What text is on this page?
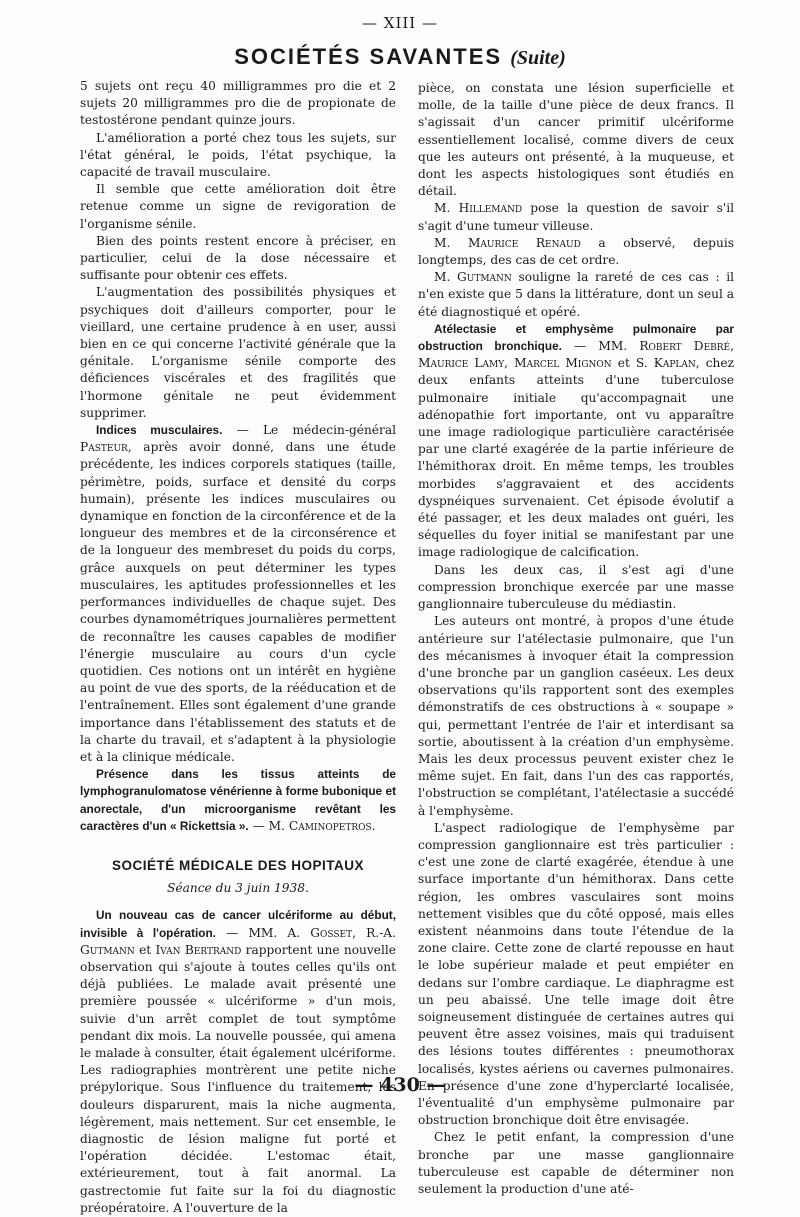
— XIII —
SOCIÉTÉS SAVANTES (Suite)

5 sujets ont reçu 40 milligrammes pro die et 2 sujets 20 milligrammes pro die de propionate de testostérone pendant quinze jours.

L'amélioration a porté chez tous les sujets, sur l'état général, le poids, l'état psychique, la capacité de travail musculaire.

Il semble que cette amélioration doit être retenue comme un signe de revigoration de l'organisme sénile.

Bien des points restent encore à préciser, en particulier, celui de la dose nécessaire et suffisante pour obtenir ces effets.

L'augmentation des possibilités physiques et psychiques doit d'ailleurs comporter, pour le vieillard, une certaine prudence à en user, aussi bien en ce qui concerne l'activité générale que la génitale. L'organisme sénile comporte des déficiences viscérales et des fragilités que l'hormone génitale ne peut évidemment supprimer.

Indices musculaires. — Le médecin-général Pasteur, après avoir donné, dans une étude précédente, les indices corporels statiques (taille, périmètre, poids, surface et densité du corps humain), présente les indices musculaires ou dynamique en fonction de la circonférence et de la longueur des membres et de la circonsérence et de la longueur des membreset du poids du corps, grâce auxquels on peut déterminer les types musculaires, les aptitudes professionnelles et les performances individuelles de chaque sujet. Des courbes dynamométriques journalières permettent de reconnaître les causes capables de modifier l'énergie musculaire au cours d'un cycle quotidien. Ces notions ont un intérêt en hygiène au point de vue des sports, de la rééducation et de l'entraînement. Elles sont également d'une grande importance dans l'établissement des statuts et de la charte du travail, et s'adaptent à la physiologie et à la clinique médicale.

Présence dans les tissus atteints de lymphogranulomatose vénérienne à forme bubonique et anorectale, d'un microorganisme revêtant les caractères d'un « Rickettsia ». — M. Caminopetros.

SOCIÉTÉ MÉDICALE DES HOPITAUX
Séance du 3 juin 1938.

Un nouveau cas de cancer ulcériforme au début, invisible à l'opération. — MM. A. Gosset, R.-A. Gutmann et Ivan Bertrand rapportent une nouvelle observation qui s'ajoute à toutes celles qu'ils ont déjà publiées. Le malade avait présenté une première poussée « ulcériforme » d'un mois, suivie d'un arrêt complet de tout symptôme pendant dix mois. La nouvelle poussée, qui amena le malade à consulter, était également ulcériforme. Les radiographies montrèrent une petite niche prépylorique. Sous l'influence du traitement, les douleurs disparurent, mais la niche augmenta, légèrement, mais nettement. Sur cet ensemble, le diagnostic de lésion maligne fut porté et l'opération décidée. L'estomac était, extérieurement, tout à fait anormal. La gastrectomie fut faite sur la foi du diagnostic préopératoire. A l'ouverture de la

pièce, on constata une lésion superficielle et molle, de la taille d'une pièce de deux francs. Il s'agissait d'un cancer primitif ulcériforme essentiellement localisé, comme divers de ceux que les auteurs ont présenté, à la muqueuse, et dont les aspects histologiques sont étudiés en détail.

M. Hillemand pose la question de savoir s'il s'agit d'une tumeur villeuse.

M. Maurice Renaud a observé, depuis longtemps, des cas de cet ordre.

M. Gutmann souligne la rareté de ces cas : il n'en existe que 5 dans la littérature, dont un seul a été diagnostiqué et opéré.

Atélectasie et emphysème pulmonaire par obstruction bronchique. — MM. Robert Debré, Maurice Lamy, Marcel Mignon et S. Kaplan, chez deux enfants atteints d'une tuberculose pulmonaire initiale qu'accompagnait une adénopathie fort importante, ont vu apparaître une image radiologique particulière caractérisée par une clarté exagérée de la partie inférieure de l'hémithorax droit. En même temps, les troubles morbides s'aggravaient et des accidents dyspnéiques survenaient. Cet épisode évolutif a été passager, et les deux malades ont guéri, les séquelles du foyer initial se manifestant par une image radiologique de calcification.

Dans les deux cas, il s'est agi d'une compression bronchique exercée par une masse ganglionnaire tuberculeuse du médiastin.

Les auteurs ont montré, à propos d'une étude antérieure sur l'atélectasie pulmonaire, que l'un des mécanismes à invoquer était la compression d'une bronche par un ganglion caséeux. Les deux observations qu'ils rapportent sont des exemples démonstratifs de ces obstructions à « soupape » qui, permettant l'entrée de l'air et interdisant sa sortie, aboutissent à la création d'un emphysème. Mais les deux processus peuvent exister chez le même sujet. En fait, dans l'un des cas rapportés, l'obstruction se complétant, l'atélectasie a succédé à l'emphysème.

L'aspect radiologique de l'emphysème par compression ganglionnaire est très particulier : c'est une zone de clarté exagérée, étendue à une surface importante d'un hémithorax. Dans cette région, les ombres vasculaires sont moins nettement visibles que du côté opposé, mais elles existent néanmoins dans toute l'étendue de la zone claire. Cette zone de clarté repousse en haut le lobe supérieur malade et peut empiéter en dedans sur l'ombre cardiaque. Le diaphragme est un peu abaissé. Une telle image doit être soigneusement distinguée de certaines autres qui peuvent être assez voisines, mais qui traduisent des lésions toutes différentes : pneumothorax localisés, kystes aériens ou cavernes pulmonaires. En présence d'une zone d'hyperclarté localisée, l'éventualité d'un emphysème pulmonaire par obstruction bronchique doit être envisagée.

Chez le petit enfant, la compression d'une bronche par une masse ganglionnaire tuberculeuse est capable de déterminer non seulement la production d'une até-

— 430 —
